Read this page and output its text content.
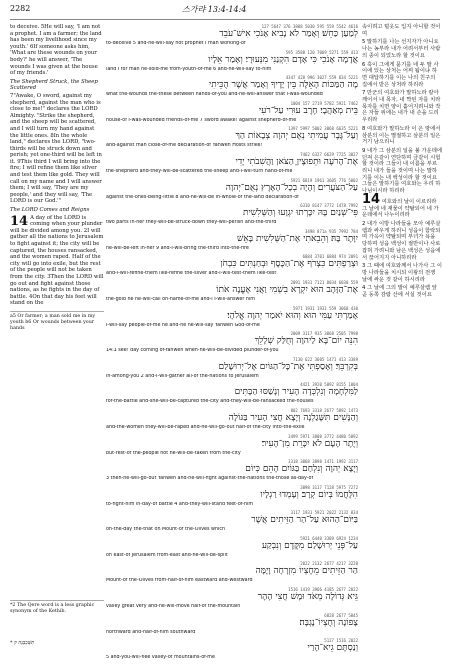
2282	스가랴 13:4-14:4

to deceive. 5He will say, 'I am not a prophet. I am a farmer; the land has been my livelihood since my youth.' 6If someone asks him, 'What are these wounds on your body?' he will answer, 'The wounds I was given at the house of my friends.'

The Shepherd Struck, the Sheep Scattered

7"Awake, O sword, against my shepherd, against the man who is close to me!" declares the LORD Almighty. "Strike the shepherd, and the sheep will be scattered, and I will turn my hand against the little ones. 8In the whole land," declares the LORD, "two-thirds will be struck down and perish; yet one-third will be left in it. 9This third I will bring into the fire; I will refine them like silver and test them like gold. They will call on my name and I will answer them; I will say, 'They are my people,' and they will say, 'The LORD is our God.'"

The LORD Comes and Reigns

14 A day of the LORD is coming when your plunder will be divided among you. 2I will gather all the nations to Jerusalem to fight against it; the city will be captured, the houses ransacked, and the women raped. Half of the city will go into exile, but the rest of the people will not be taken from the city. 3Then the LORD will go out and fight against those nations, as he fights in the day of battle. 4On that day his feet will stand on the

a5 Or farmer; a man sold me in my youth b6 Or wounds between your hands
*2 The Qere word is a less graphic synonym of the Kethib.
* תִּשָּׁכַבְנָה ק
127 5647 376 3808 5030 595 559 5542 4616
לְמַעַן כַּחֵשׁ׃ וְאָמַר לֹא נָבִיא אָנֹכִי אִישׁ־עֹבֵד
to-deceive 5 and-he-will-say not prophet I man working-of
595 3588 120 7069 5271 559 413
אֲדָמָה אָנֹכִי כִּי אָדָם הִקְנַנִי מִנְּעוּרָי׃ וְאָמַר אֵלָיו
land I for man he-sold-me from-youth-of-me 6 and-he-will-say to-him
4347 428 996 3027 559 834 5221
מָה הַמַּכּוֹת הָאֵלֶּה בֵּין יָדֶיךָ וְאָמַר אֲשֶׁר הֻכֵּיתִי
what the-wounds the-these between hands-of-you and-he-will-answer that I-was-wounded
1004 157 2719 5782 5921 7462
בֵּית מְאַהֲבָי׃ חֶרֶב עוּרִי עַל־רֹעִי
house-of I-was-wounded friends-of-me 7 sword awake! against shepherd-of-me
1397 5997 5002 3068 6635 5221
וְעַל־גֶּבֶר עֲמִיתִי נְאֻם יְהוָה צְבָאוֹת הַךְ
and-against man close-of-me declaration-of Yahweh Hosts strike!
7462 6327 6629 7725 3027
אֶת־הָרֹעֶה וּתְפוּצֶיןָ הַצֹּאן וַהֲשִׁבֹתִי יָדִי
the-shepherd and-they-will-be-scattered the-sheep and-I-will-turn hand-of-me
5921 6819 1961 3605 776 5002
עַל־הַצֹּעֲרִים׃ וְהָיָה בְכָל־הָאָרֶץ נְאֻם־יְהוָה
against the-ones-being-little 8 and-he-will-be in-whole-of the-land declaration-of
6310 8147 3772 1478 7992
פִּי־שְׁנַיִם בָּהּ יִכָּרְתוּ יִגְוָעוּ וְהַשְּׁלִשִׁית
two parts in-her they-will-be-struck-down they-will-perish and-the-third
3498 871a 935 7992 784
יִוָּתֶר בָּהּ׃ וְהֵבֵאתִי אֶת־הַשְּׁלִשִׁית בָּאֵשׁ
he-will-be-left in-her 9 and-I-will-bring the-third into-the-fire
6884 3701 6884 974 2091
וּצְרַפְתִּים כִּצְרֹף אֶת־הַכֶּסֶף וּבְחַנְתִּים כִּבְחֹן
and-I-will-refine-them like-refine the-silver and-I-will-test-them like-test
2091 1931 7121 8034 6030 559
אֶת־הַזָּהָב הוּא יִקְרָא בִשְׁמִי וַאֲנִי אֶעֱנֶה אֹתוֹ
the-gold he he-will-call on-name-of-me and-I I-will-answer him
5971 1931 1931 559 3068 430
אָמַרְתִּי עַמִּי הוּא וְהוּא יֹאמַר יְהוָה אֱלֹהָי׃
I-will-say people-of-me he and-he he-will-say Yahweh God-of-me
2009 3117 935 3068 2505 7998
הִנֵּה יוֹם־בָּא לַיהוָה וְחֻלַּק שְׁלָלֵךְ
14:1 see! day coming of-Yahweh when-he-will-be-divided plunder-of-you
7130 622 3605 1471 413 3389
בְּקִרְבֵּךְ׃ וְאָסַפְתִּי אֶת־כָּל־הַגּוֹיִם אֶל־יְרוּשָׁלַם
in-among-you 2 and-I-will-gather all-of the-nations to Jerusalem
4421 3920 5892 8155 1004
לַמִּלְחָמָה וְנִלְכְּדָה הָעִיר וְנָשַׁסּוּ הַבָּתִּים
for-the-battle and-she-will-be-captured the-city and-they-will-be-ransacked the-houses
802 7693 3318 2677 5892 1473
וְהַנָּשִׁים תִּשָּׁגַלְנָה וְיָצָא חֲצִי הָעִיר בַּגּוֹלָה
and-the-women they-will-be-raped and-he-will-go-out half-of the-city into-the-exile
3499 5971 3808 3772 4480 5892
וְיֶתֶר הָעָם לֹא יִכָּרֵת מִן־הָעִיר׃
but-rest-of the-people not he-will-be-taken from the-city
3318 3068 3898 1471 1992 3117
וְיָצָא יְהוָה וְנִלְחַם בַּגּוֹיִם הָהֵם כְּיוֹם
3 then-he-will-go-out Yahweh and-he-will-fight against-the-nations the-those as-day-of
3898 3117 7128 5975 7272
הִלָּחֲמוֹ בְּיוֹם קְרָב׃ וְעָמְדוּ רַגְלָיו
to-fight-him in-day-of battle 4 and-they-will-stand feet-of-him
3117 1931 5921 2022 2132 834
בַּיּוֹם־הַהוּא עַל־הַר הַזֵּיתִים אֲשֶׁר
on-the-day the-that on Mount-of the-Olives which
5921 6440 3389 6924 1234
עַל־פְּנֵי יְרוּשָׁלַם מִקֶּדֶם וְנִבְקַע
on east-of Jerusalem from-east and-he-will-be-split
2022 2132 2677 4217 3220
הַר הַזֵּיתִים מֵחֶצְיוֹ מִזְרָחָה וָיָמָּה
Mount-of the-Olives from-half-of-him eastward and-westward
1516 1419 3966 4185 2677 2022
גֵּיא גְּדוֹלָה מְאֹד וּמָשׁ חֲצִי הָהָר
valley great very and-he-will-move half-of the-mountain
6828 2677 5045
צָפוֹנָה וְחֶצְיוֹ־נֶגְבָּה׃
northward and-half-of-him southward
5127 1516 2022
וְנַסְתֶּם גֵיא־הָרַי
5 and-you-will-flee valley-of mountains-of-me

속이려고 털옷도 입지 아니할 것이며

5 말하기를 나는 선지자가 아니요 나는 농부라 내가 어려서부터 사람의 종이 되었노라 할 것이요

6 혹이 그에게 묻기를 네 두 팔 사이에 있는 상처는 어찌 됨이냐 하면 대답하기를 이는 나의 친구의 집에서 받은 상처라 하리라

7 만군의 여호와가 말하노라 칼아 깨어서 내 목자, 내 짝된 자를 치라 목자를 치면 양이 흩어지려니와 작은 자들 위에는 내가 내 손을 드리우리라

8 여호와가 말하노라 이 온 땅에서 삼분의 이는 멸절하고 삼분의 일은 거기 남으리니

9 내가 그 삼분의 일을 불 가운데에 던져 은같이 연단하며 금같이 시험할 것이라 그들이 내 이름을 부르리니 내가 들을 것이며 나는 말하기를 이는 내 백성이라 할 것이요 그들은 말하기를 여호와는 우리 하나님이시라 하리라

14 여호와의 날이 이르리라 그 날에 네 재물이 약탈되어 네 가운데에서 나누이리라

2 내가 이방 나라들을 모아 예루살렘과 싸우게 하리니 성읍이 함락되며 가옥이 약탈되며 부녀가 욕을 당하며 성읍 백성이 절반이나 사로잡혀 가려니와 남은 백성은 성읍에서 끊어지지 아니하리라

3 그 때에 여호와께서 나가사 그 이방 나라들을 치시되 이왕의 전쟁 날에 싸운 것 같이 하시리라

4 그 날에 그의 발이 예루살렘 앞 곧 동쪽 감람 산에 서실 것이요
